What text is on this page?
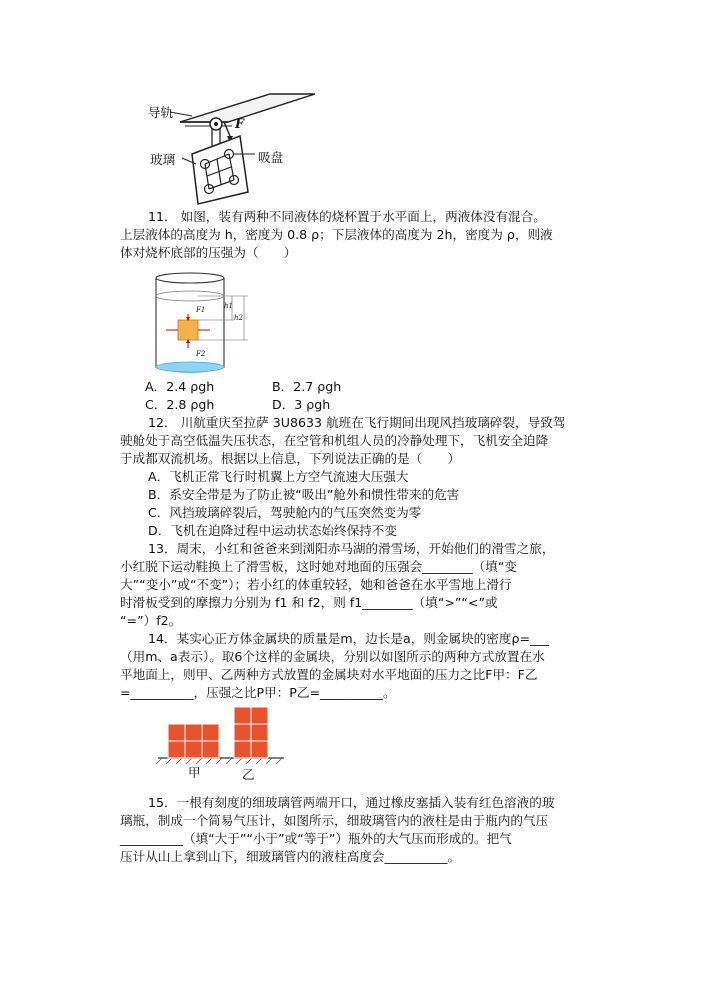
导轨
玻璃	吸盘
F
11． 如图，装有两种不同液体的烧杯置于水平面上，两液体没有混合。
上层液体的高度为 h，密度为 0.8 ρ；下层液体的高度为 2h，密度为 ρ，则液
体对烧杯底部的压强为（　　）
h1
h2
F1
F2
A．2.4 ρgh	B．2.7 ρgh
C．2.8 ρgh	D．3 ρgh
12． 川航重庆至拉萨 3U8633 航班在飞行期间出现风挡玻璃碎裂，导致驾
驶舱处于高空低温失压状态，在空管和机组人员的冷静处理下，飞机安全迫降
于成都双流机场。根据以上信息，下列说法正确的是（　　）
A．飞机正常飞行时机翼上方空气流速大压强大
B．系安全带是为了防止被“吸出”舱外和惯性带来的危害
C．风挡玻璃碎裂后，驾驶舱内的气压突然变为零
D．飞机在迫降过程中运动状态始终保持不变
13．周末，小红和爸爸来到浏阳赤马湖的滑雪场，开始他们的滑雪之旅，
小红脱下运动鞋换上了滑雪板，这时她对地面的压强会________（填“变
大”“变小”或“不变”）；若小红的体重较轻，她和爸爸在水平雪地上滑行
时滑板受到的摩擦力分别为 f1 和 f2，则 f1________（填“>”“<”或
“=”）f2。
14．某实心正方体金属块的质量是m，边长是a，则金属块的密度ρ=___
（用m、a表示）。取6个这样的金属块，分别以如图所示的两种方式放置在水
平地面上，则甲、乙两种方式放置的金属块对水平地面的压力之比F甲：F乙
=__________，压强之比P甲：P乙=__________。
甲	乙
15．一根有刻度的细玻璃管两端开口，通过橡皮塞插入装有红色溶液的玻
璃瓶，制成一个简易气压计，如图所示，细玻璃管内的液柱是由于瓶内的气压
__________（填“大于”“小于”或“等于”）瓶外的大气压而形成的。把气
压计从山上拿到山下，细玻璃管内的液柱高度会__________。
